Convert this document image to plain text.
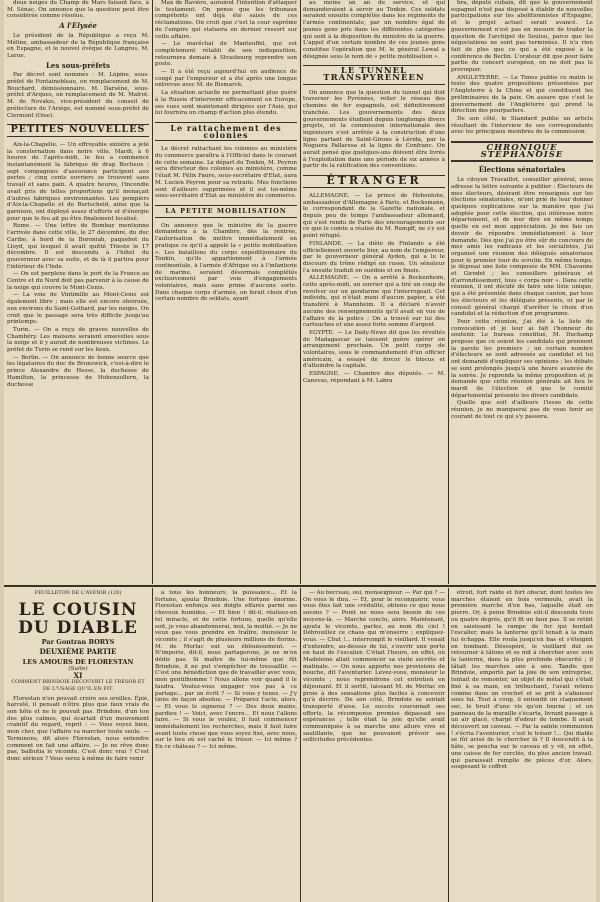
deux neiges du Champ de Mars faisant face, à M. Sénac. On annonce que la question peut être considérée comme résolue.

A l'Elysée

Le président de la République a reçu M. Méline, ambassadeur de la République française en Espagne, et le nouvel évêque de Langres, M. Larue.

Les sous-préfets

Par décret sont nommés : M. Lépine, sous-préfet de Fontainebleau, en remplacement de M. Bouchard, démissionnaire. M. Darsène, sous-préfet d'Arques, en remplacement de M. Malrot. M. de Novakis, vice-président du conseil de préfecture de l'Ariège, est nommé sous-préfet de Clermont (Oise).

PETITES NOUVELLES

Aix-la-Chapelle. — Un effroyable sinistre a jeté la consternation dans notre ville. Mardi, à 6 heures de l'après-midi, le feu a commencé instantanément la fabrique de drap Bocheux ; sept compagnies d'assurance participent aux pertes ; cinq cents ouvriers se trouvent sans travail et sans pain. A quatre heures, l'incendie avait pris de telles proportions qu'il menaçait d'autres fabriques environnantes. Les pompiers d'Aix-la-Chapelle et de Burtscheid, ainsi que la garnison, ont déployé assez d'efforts et d'énergie pour que le feu ait pu être finalement localisé.

Rome. — Une lettre de Bombay mentionne l'arrivée dans cette ville, le 27 décembre, du duc Caribo, à bord de la Boroniah, paquebot du Lloyd, qui lesquel il avait quitté Trieste le 17 décembre. Il est descendu à l'hôtel du gouverneur avec sa suite, et de là il partira pour l'intérieur de l'Inde.

— On est perplexe dans le port de la France au Centre et du Nord doit pas parvenir à la cause de la neige qui couvre le Mont-Cenis.

— La voie de Vintimille au Mont-Cenis est également libre ; mais elle est encore obstruée, aux environs du Saint-Gothard, par les neiges. On croit que le passage sera très difficile jusqu'au printemps.

Turin. — On a reçu de graves nouvelles de Chambéry. Les maisons seraient ensevelies sous la neige et il y aurait de nombreuses victimes. Le préfet de Turin se rend sur les lieux.

— Berlin. — On annonce de bonne source que les légataires du duc de Brunswick, c'est-à-dire le prince Alexandre de Hesse, la duchesse de Hamilton, la princesse de Hohenzollern, la duchesse

Max de Bavière, auraient l'intention d'attaquer le testament. On pense que les tribunaux compétents ont déjà été saisis de ces réclamations. On croit que c'est la cour suprême de l'empire qui statuera en dernier ressort sur cette affaire.

— Le maréchal de Manteuffel, qui est complètement rétabli de son indisposition, retournera demain à Strasbourg reprendre son poste.

— Il a été reçu aujourd'hui en audience de congé par l'empereur et a été après une longue entrevue avec M. de Bismarck.

La situation actuelle ne permettant plus guère à la Russie d'intervenir efficacement en Europe, ses vues sont maintenant dirigées sur l'Asie, qui lui fournira un champ d'action plus étendu.

Le rattachement des colonies

Le décret rattachant les colonies au ministère du commerce paraîtra à l'Officiel dans le courant de cette semaine. Le départ du Tonkin, M. Peyron sera directeur des colonies au ministère, comme l'était M. Félix Faure, sous-secrétaire d'Etat, aura M. Lucien Peyron pour sa retraite. Mes fonctions sont d'ailleurs supprimées et il est lui-même sous-secrétaire d'Etat au ministère du commerce.

LA PETITE MOBILISATION

On annonce que le ministre de la guerre demandera à la Chambre, dès la rentrée, l'autorisation de mettre immédiatement en pratique ce qu'il a appelé la « petite mobilisation ». Les bataillons du corps expéditionnaire du Tonkin, qu'ils appartiennent à l'armée continentale, à l'armée d'Afrique ou à l'infanterie de marine, seraient désormais complétés exclusivement par voie d'engagements volontaires, mais sans prime d'aucune sorte. Dans chaque corps d'armée, on ferait choix d'un certain nombre de soldats, ayant

au moins un an de service, et qui demanderaient à servir au Tonkin. Ces soldats seraient ensuite complétés dans les régiments de l'armée continentale, par un nombre égal de jeunes gens pris dans les différentes catégories qui sont à la disposition du ministre de la guerre. L'appel d'un certain nombre de ces jeunes gens constitue l'opération que M. le général Lewal a désignée sous le nom de « petite mobilisation ».

LE TUNNEL TRANSPYRÉNÉEN

On annonce que la question du tunnel qui doit traverser les Pyrénées, relier le réseau des chemins de fer espagnols, est définitivement tranchée. Les gouvernements des deux gouvernements étudient depuis longtemps divers projets, et la commission internationale des ingénieurs s'est arrêtée à la construction d'une ligne partant de Saint-Girons à Lérida, par la Noguera Pallaresa et la ligne de Confranc. On aurait pensé que quelques-uns doivent être livrés à l'exploitation dans une période de six années à partir de la ratification des conventions.

ÉTRANGER

ALLEMAGNE. — Le prince de Hohenlohe, ambassadeur d'Allemagne à Paris, et Bocksmann, le correspondant de la Gazette nationale, et depuis peu de temps l'ambassadeur allemand, qui s'est rendu de Paris des encouragements sur ce que le comte a réalisé de M. Rumpff, ne s'y est point réfugié.

FINLANDE. — La diète de Finlande a été officiellement ouverte hier, au nom de l'empereur, par le gouverneur général Ayden, qui a lu le discours du trône rédigé en russe. Un sénateur l'a ensuite traduit en suédois et en finois.

ALLEMAGNE. — On a arrêté à Bockenheim, cette après-midi, un ouvrier qui a tiré un coup de revolver sur un gendarme qui l'interrogeait. Cet individu, qui n'était muni d'aucun papier, a été transféré à Mannheim. Il a déclaré n'avoir aucune des renseignements qu'il avait en vue de l'affaire de la police ; On a trouvé sur lui des cartouches et une assez forte somme d'argent.

EGYPTE. — Le Daily-News dit que les révoltés de Madagascar se laissent guère opérer en arrangement prochain. Un petit corps de volontaires, sous le commandement d'un officier américain, a essayé de forcer le blocus et d'atteindre la capitale.

ESPAGNE. — Chambre des députés. — M. Canovas, répondant à M. Labra

bra, député cubain, dit que le gouvernement espagnol n'est pas disposé à établir de nouvelles participations sur les abolitionnistes d'Espagne, et le projet actuel serait avancé. Le gouvernement n'est pas en mesure de traiter la question de l'archipel de Soulou, parce que les négociations ne sont pas terminées. Il n'a rien fait de plus que ce qui a été exposé à la conférence de Berlin. L'orateur dit que pour faire partie du concert européen, on ne doit pas le provoquer.

ANGLETERRE. — Le Times publie ce matin le texte des quatre propositions présentées par l'Angleterre à la Chine et qui constituent les préliminaires de la paix. On assure que c'est le gouvernement de l'Angleterre qui prend la direction des pourparlers.

De son côté, le Standard publie un article résultant de l'interview de ses correspondants avec les principaux membres de la commission.

CHRONIQUE STÉPHANOISE
Élections sénatoriales

Le citoyen Travaillot, conseiller général, nous adresse la lettre suivante à publier : Électeurs de mes électeurs, désirant être renseignés sur les élections sénatoriales, m'ont prié de leur donner quelques explications sur la manière que j'ai adoptée pour cette élection, qui intéresse notre département, et de leur dire en même temps quelle en est mon appréciation. Je me fais un devoir de répondre immédiatement à leur demande. Dès que j'ai pu être sûr du concours de mes amis les radicaux et les socialistes, j'ai organisé une réunion des délégués sénatoriaux pour le premier tour de scrutin. En même temps, je déposai une liste composée de MM. Chavanne et Girodet ; les conseillers généraux et d'arrondissement, tous « corps noir ». Dans cette réunion, il ont décidé de faire une liste unique, qui a été présentée dans chaque canton, par tous les électeurs et les délégués présents, et par le conseil général chargé d'arrêter le choix d'un candidat et la rédaction d'un programme.

Pour cette réunion, j'ai été à la liste de convocation et je leur ai fait l'honneur de soutenir. Le bureau constitué, M. Duchamp propose que ce soient les candidats qui prennent la parole les premiers ; un certain nombre d'électeurs se sont adressés au candidat et lui ont demandé d'expliquer ses opinions ; les débats se sont prolongés jusqu'à une heure avancée de la soirée. Je reprends la même proposition et je demande que cette réunion générale ait lieu le mardi de l'élection et que le comité départemental présente les divers candidats.

Quelle que soit d'ailleurs l'issue de cette réunion, je ne manquerai pas de vous tenir au courant de tout ce qui s'y passera.

FEUILLETON DE L'AVENIR (120)
LE COUSIN DU DIABLE
Par Gontran BORYS
DEUXIÈME PARTIE
LES AMOURS DE FLORESTAN
(Suite)
XI
COMMENT BRINDOIE DÉCOUVRIT LE TRÉSOR ET DE L'USAGE QU'IL EN FIT.

Florestan n'en pouvait croire ses oreilles. Épié, harcelé, il pensait n'être plus que faux vrais de son hôte et ne le pouvait pas. Brindoie, d'un ton des plus calmes, qui écartait d'un mouvement craintif du regard, reprit : — Vous voyez bien, mon cher, que l'affaire va marcher toute seule. — Terminons, dit alors Florestan, nous entendre comment on fait une affaire. — Je ne rêve donc pas, balbutia le vicomte. C'est donc vrai ? C'est donc sérieux ? Vous serez à même de faire venir

à tous les honneurs, la puissance... Et la fortune, ajouta Brindoie. Une fortune énorme. Florestan enfonça ses doigts effarés parmi ses cheveux humides. — Et bien ! dit-il, réalisez-en tel miracle, et de cette fortune, quelle qu'elle soit, je vous abandonnerai, moi, la moitié. — Je ne veux pas vous prendre en traître, monsieur le vicomte ; il s'agit de plusieurs millions de florins. M. de Morlac eut un éblouissement. — N'importe, dit-il, nous partagerons, je ne m'en dédis pas. Si maître de lui-même que fût Brindoie, il ne put s'empêcher de tressaillir. — C'est une bénédiction que de travailler avec vous, mon gentilhomme ! Nous allons voir quand il le faudra. Voulez-vous engager vos pas à ce partage... par un écrit ? — Si vous y tenez. — J'y tiens de façon absolue. — Préparez l'acte, alors. — Et vous le signerez ? — Des deux mains, pardieu ! — Voici, avec l'encre... Et nous l'allons faire. — Si vous le voulez, il faut commencer immédiatement les recherches, mais il faut faire avant toute chose que vous soyez fixé, avec nous, sur le lieu où est caché le trésor. — Ici même ? En ce château ? — Ici même.

— Au berceau, oui, monseigneur. — Par qui ? — On vous le dira. — Et, pour le reconquérir, vous vous êtes fait une crédulité, obtenu ce que nous savons ? — Point ne nous sera besoin de ces moyens-là. — Marché conclu, alors. Maintenant, ajouta le vicomte, parlez, au nom du ciel ! Débrouillez ce chaos qui m'enserre ; expliquez-vous. — Chut !... interrompit le vieillard. Il venait d'entendre, au-dessus de lui, s'ouvrir une porte en haut de l'escalier. C'était l'heure, en effet, où Madeleine allait commencer sa visite secrète et matinale. — On nous apporte nos provisions de bouche, dit l'aventurier. Levez-vous, monsieur le vicomte ; nous reprendrons cet entretien en déjeunant. Et il sortit, laissant M. de Morlac en proie à des sensations plus faciles à concevoir qu'à décrire. De son côté, Brindoie se sentait transporté d'aise. Le succès couronnait ses efforts, la récompense promise dépassait ses espérances ; telle était la joie qu'elle avait communiquée à sa marche une allure vive et sautillante, que ne pouvaient prévoir ses sollicitudes précédentes.

étroit, fort raide et fort obscur, dont toutes les marches étaient en bois vermoulu, avait la première marche d'en bas, laquelle était en pierre. Or, à peine Brindoie eût-il descendu trois ou quatre degrés, qu'il fit un faux pas. Il se retint en saisissant la rampe de fer qui bordait l'escalier, mais la lanterne qu'il tenait à la main lui échappa. Elle roula jusqu'en bas et s'éteignit en tombant. Désespéré, le vieillard dut se retourner à tâtons et se mit à chercher avec soin la lanterne, dans la plus profonde obscurité ; il tâtait les marches une à une. Tandis que Brindoie, emporté par la joie de son entreprise, tentait de remonter, un objet de métal qui s'était fixé à sa main, en trébuchant, l'avait retenu comme dans un crochet et se prit à s'abaisser sous lui. Tout à coup, il entendit un claquement sec, le bruit d'une vis qu'on tourne ; et un panneau de la muraille s'écarta, livrant passage à un air glacé, chargé d'odeur de tombe. Il avait découvert un caveau. — Par la sainte communion ! s'écria l'aventurier, c'est le trésor !... Qui diable se fût avisé de le chercher là ? Il descendit à la hâte, se pencha sur le caveau et y vit, en effet, une caisse de fer cerclée, du plus ancien travail, qui paraissait remplie de pièces d'or. Alors, soupesant le coffret
